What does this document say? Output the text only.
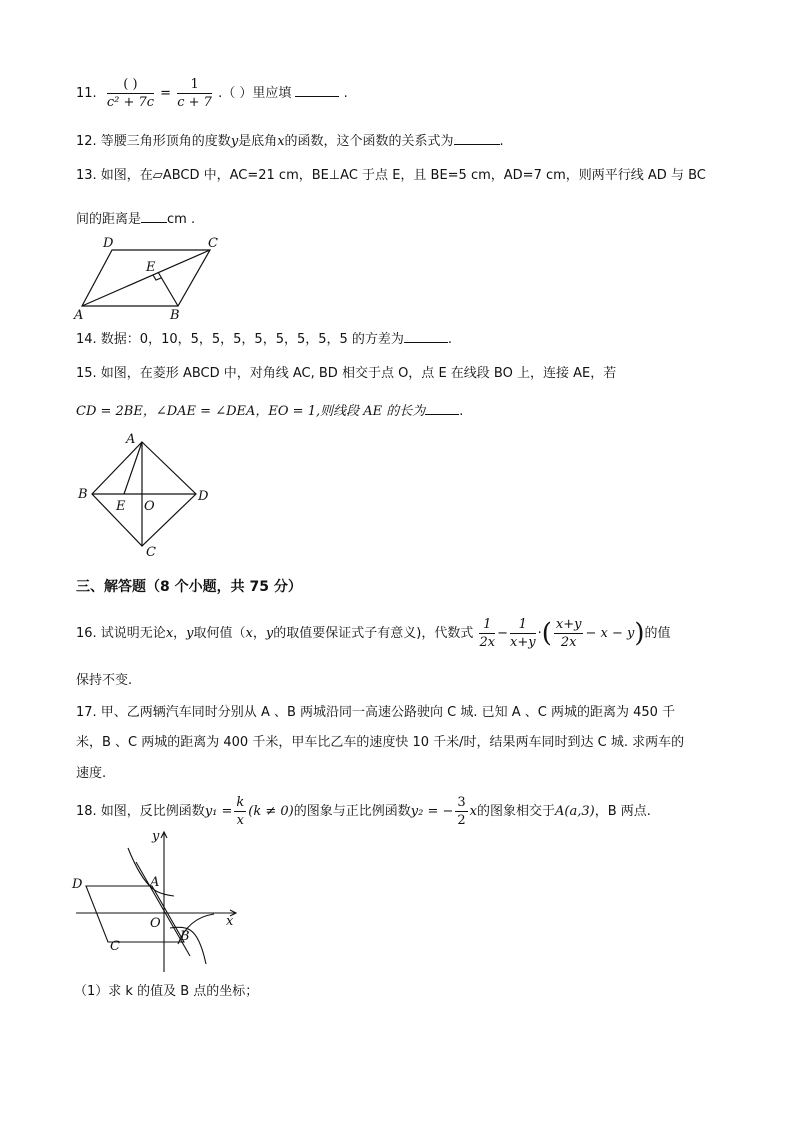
11. $\frac{( )}{\text{c² + 7c}} = \frac{1}{c + 7}$ .（ ）里应填	.
12. 等腰三角形顶角的度数y是底角x的函数，这个函数的关系式为	.
13. 如图，在▱ABCD 中，AC=21 cm，BE⊥AC 于点 E，且 BE=5 cm，AD=7 cm，则两平行线 AD 与 BC
间的距离是 cm .
D	C
E
A	B
14. 数据：0，10，5，5，5，5，5，5，5，5 的方差为	.
15. 如图，在菱形 ABCD 中，对角线 AC, BD 相交于点 O，点 E 在线段 BO 上，连接 AE，若
CD = 2BE，∠DAE = ∠DEA，EO = 1,则线段 AE 的长为	.
A
B
E O
D
C
三、解答题（8 个小题，共 75 分）
16. 试说明无论x，y取何值（x，y的取值要保证式子有意义)，代数式 $\frac{1}{2x} - \frac{1}{x+y}$ ·( $\frac{x+y}{2x} - x - y$)的值
保持不变.
17. 甲、乙两辆汽车同时分别从 A 、B 两城沿同一高速公路驶向 C 城. 已知 A 、C 两城的距离为 450 千
米，B 、C 两城的距离为 400 千米，甲车比乙车的速度快 10 千米/时，结果两车同时到达 C 城. 求两车的
速度.
18. 如图，反比例函数$y_1 = \frac{k}{x} (k \ne 0)$的图象与正比例函数y₂ = − $\frac{3}{2}$ x的图象相交于A(a,3)，B 两点.
y
x
D	A
O
C
B
（1）求 k 的值及 B 点的坐标；
